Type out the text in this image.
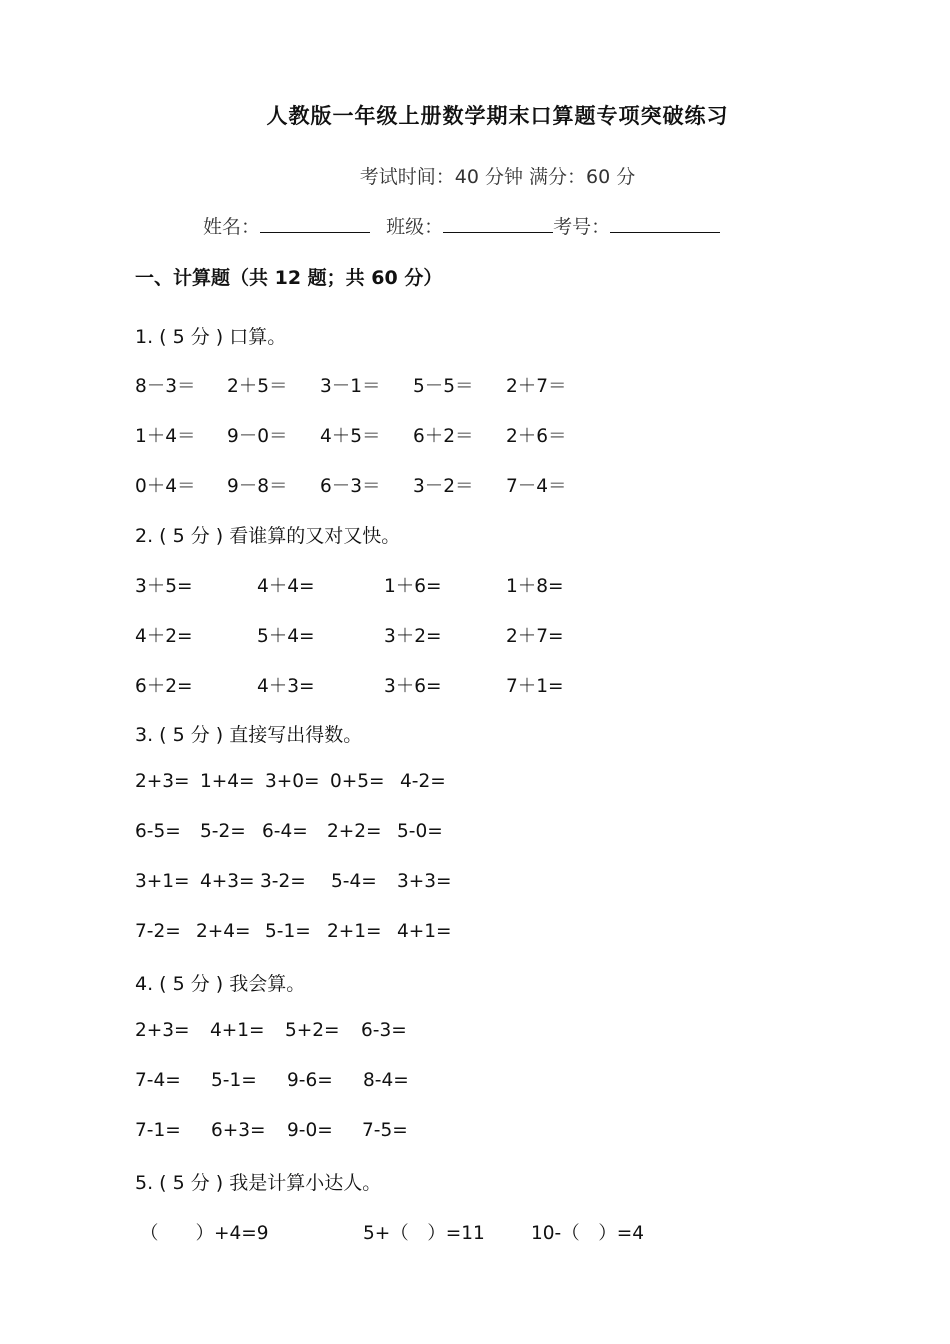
人教版一年级上册数学期末口算题专项突破练习
考试时间：40 分钟 满分：60 分
姓名：	班级：	考号：
一、计算题（共 12 题；共 60 分）
1. ( 5 分 ) 口算。
8－3＝ 2＋5＝ 3－1＝ 5－5＝ 2＋7＝
1＋4＝ 9－0＝ 4＋5＝ 6＋2＝ 2＋6＝
0＋4＝ 9－8＝ 6－3＝ 3－2＝ 7－4＝
2. ( 5 分 ) 看谁算的又对又快。
3＋5=	4＋4=	1＋6=	1＋8=
4＋2=	5＋4=	3＋2=	2＋7=
6＋2=	4＋3=	3＋6=	7＋1=
3. ( 5 分 ) 直接写出得数。
2+3= 1+4= 3+0= 0+5= 4-2=
6-5= 5-2= 6-4= 2+2= 5-0=
3+1= 4+3= 3-2= 5-4= 3+3=
7-2= 2+4= 5-1= 2+1= 4+1=
4. ( 5 分 ) 我会算。
2+3= 4+1= 5+2= 6-3=
7-4= 5-1= 9-6= 8-4=
7-1= 6+3= 9-0= 7-5=
5. ( 5 分 ) 我是计算小达人。
（　　）+4=9	5+（　）=11 10-（　）=4
